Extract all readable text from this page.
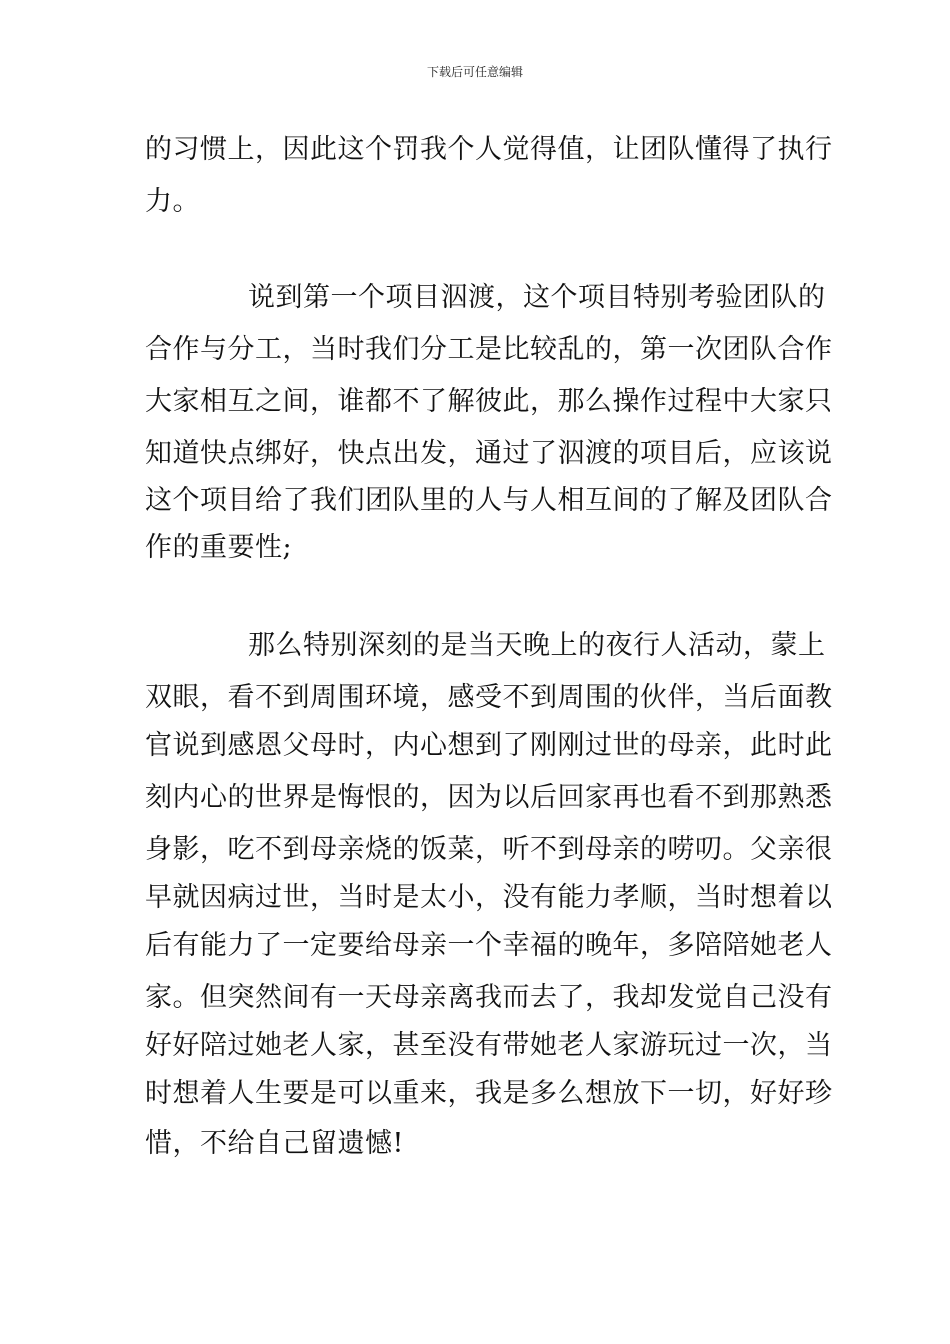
下载后可任意编辑
的习惯上，因此这个罚我个人觉得值，让团队懂得了执行
力。
说到第一个项目泅渡，这个项目特别考验团队的
合作与分工，当时我们分工是比较乱的，第一次团队合作
大家相互之间，谁都不了解彼此，那么操作过程中大家只
知道快点绑好，快点出发，通过了泅渡的项目后，应该说
这个项目给了我们团队里的人与人相互间的了解及团队合
作的重要性;
那么特别深刻的是当天晚上的夜行人活动，蒙上
双眼，看不到周围环境，感受不到周围的伙伴，当后面教
官说到感恩父母时，内心想到了刚刚过世的母亲，此时此
刻内心的世界是悔恨的，因为以后回家再也看不到那熟悉
身影，吃不到母亲烧的饭菜，听不到母亲的唠叨。父亲很
早就因病过世，当时是太小，没有能力孝顺，当时想着以
后有能力了一定要给母亲一个幸福的晚年，多陪陪她老人
家。但突然间有一天母亲离我而去了，我却发觉自己没有
好好陪过她老人家，甚至没有带她老人家游玩过一次，当
时想着人生要是可以重来，我是多么想放下一切，好好珍
惜，不给自己留遗憾!
